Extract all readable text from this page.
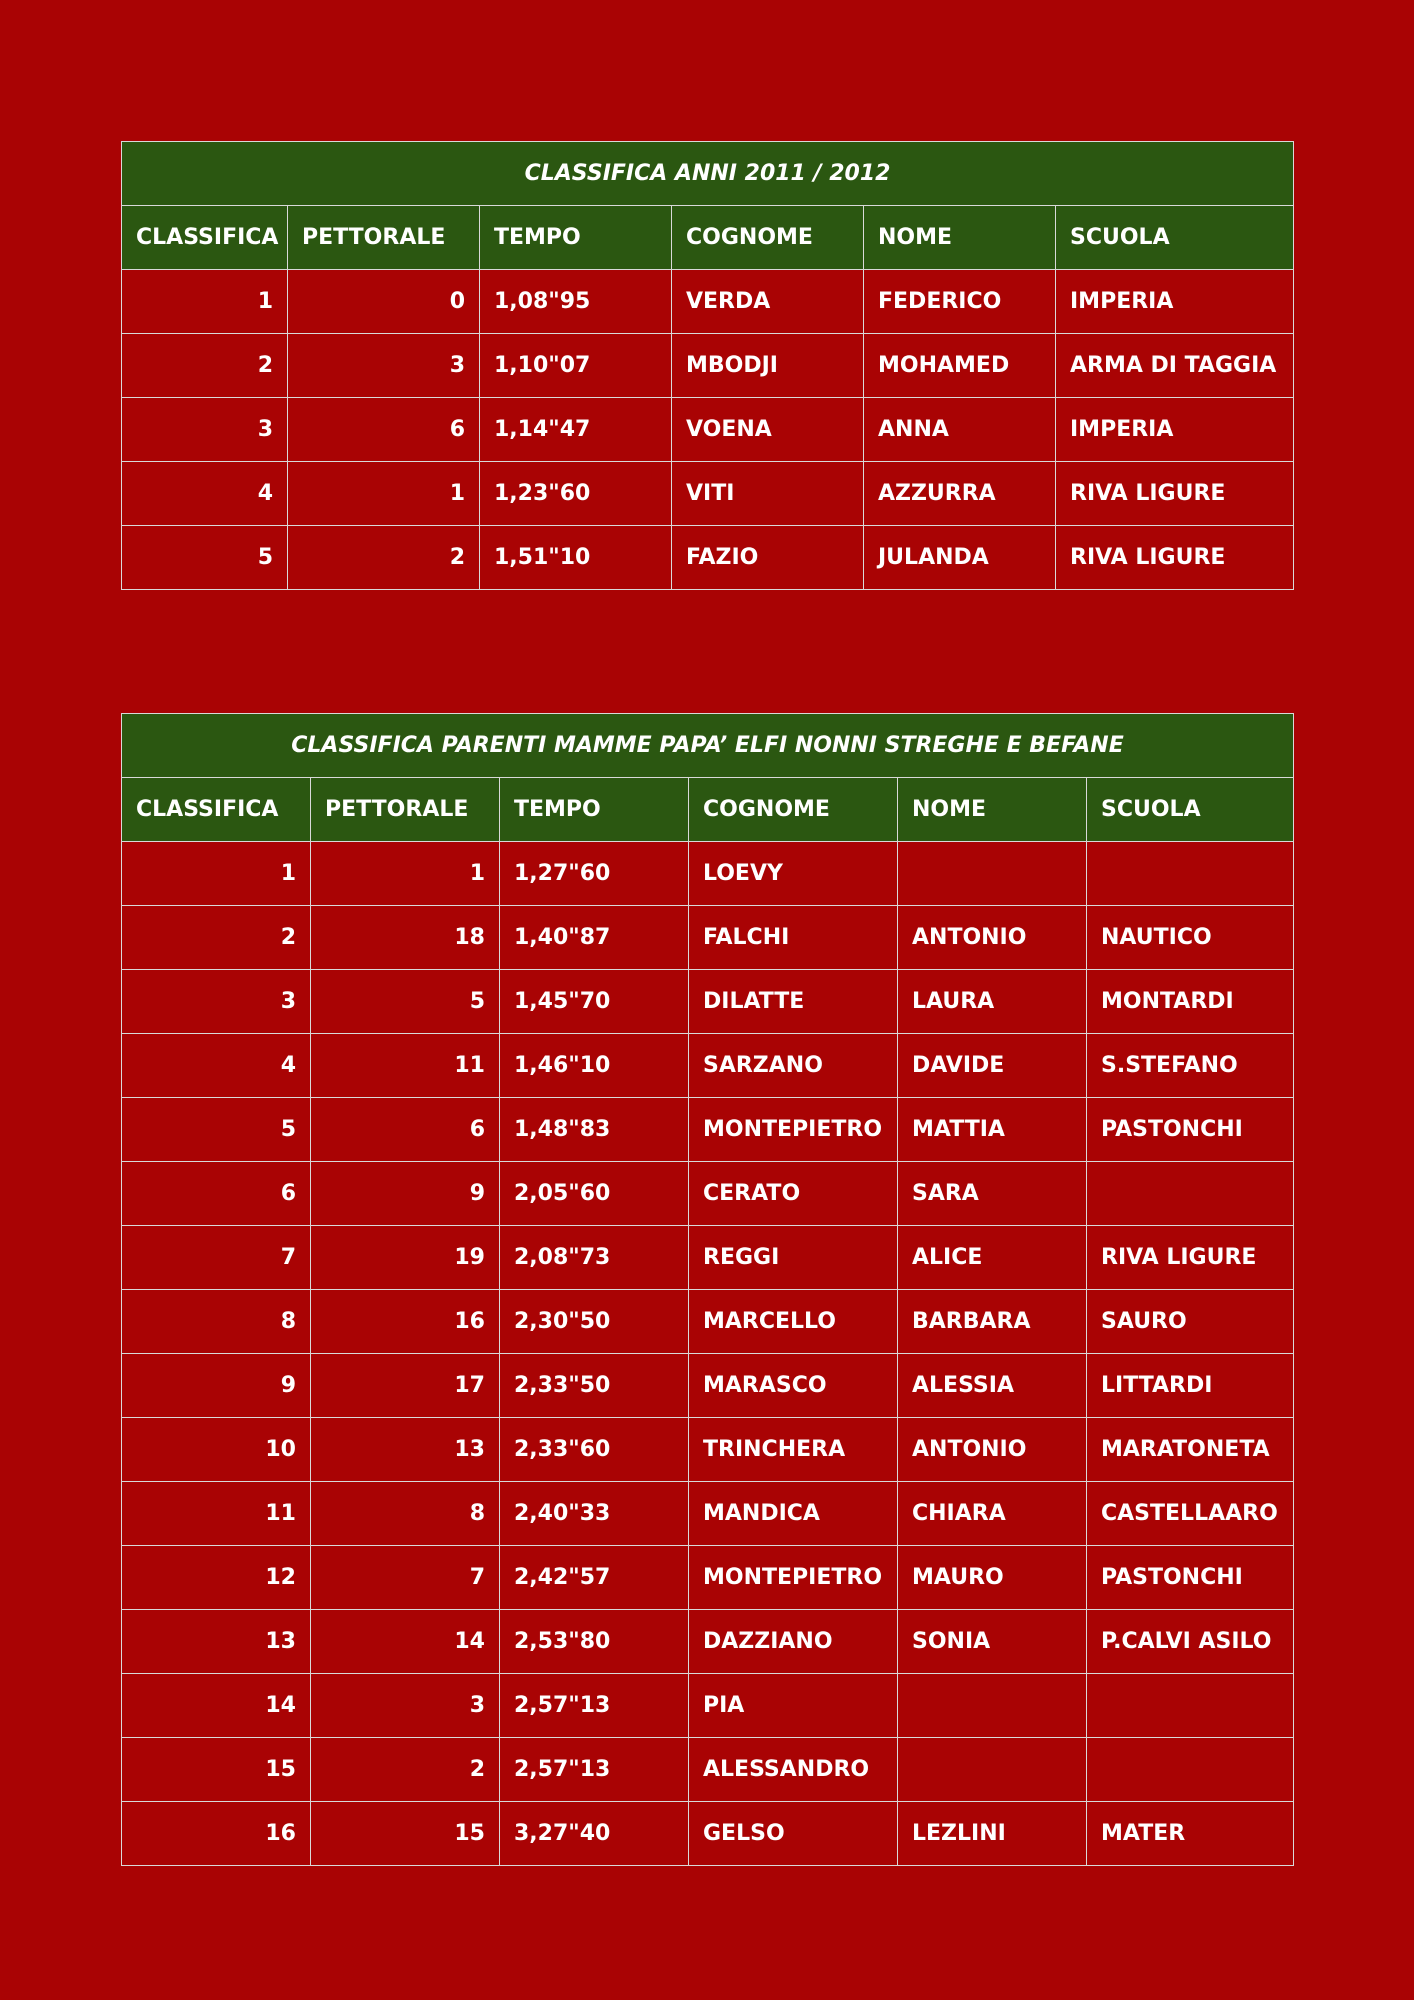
CLASSIFICA ANNI 2011 / 2012					
CLASSIFICA	PETTORALE	TEMPO	COGNOME	NOME	SCUOLA
1	0	1,08"95	VERDA	FEDERICO	IMPERIA
2	3	1,10"07	MBODJI	MOHAMED	ARMA DI TAGGIA
3	6	1,14"47	VOENA	ANNA	IMPERIA
4	1	1,23"60	VITI	AZZURRA	RIVA LIGURE
5	2	1,51"10	FAZIO	JULANDA	RIVA LIGURE
CLASSIFICA PARENTI MAMME PAPA’ ELFI NONNI STREGHE E BEFANE					
CLASSIFICA	PETTORALE	TEMPO	COGNOME	NOME	SCUOLA
1	1	1,27"60	LOEVY		
2	18	1,40"87	FALCHI	ANTONIO	NAUTICO
3	5	1,45"70	DILATTE	LAURA	MONTARDI
4	11	1,46"10	SARZANO	DAVIDE	S.STEFANO
5	6	1,48"83	MONTEPIETRO	MATTIA	PASTONCHI
6	9	2,05"60	CERATO	SARA	
7	19	2,08"73	REGGI	ALICE	RIVA LIGURE
8	16	2,30"50	MARCELLO	BARBARA	SAURO
9	17	2,33"50	MARASCO	ALESSIA	LITTARDI
10	13	2,33"60	TRINCHERA	ANTONIO	MARATONETA
11	8	2,40"33	MANDICA	CHIARA	CASTELLAARO
12	7	2,42"57	MONTEPIETRO	MAURO	PASTONCHI
13	14	2,53"80	DAZZIANO	SONIA	P.CALVI ASILO
14	3	2,57"13	PIA		
15	2	2,57"13	ALESSANDRO		
16	15	3,27"40	GELSO	LEZLINI	MATER
